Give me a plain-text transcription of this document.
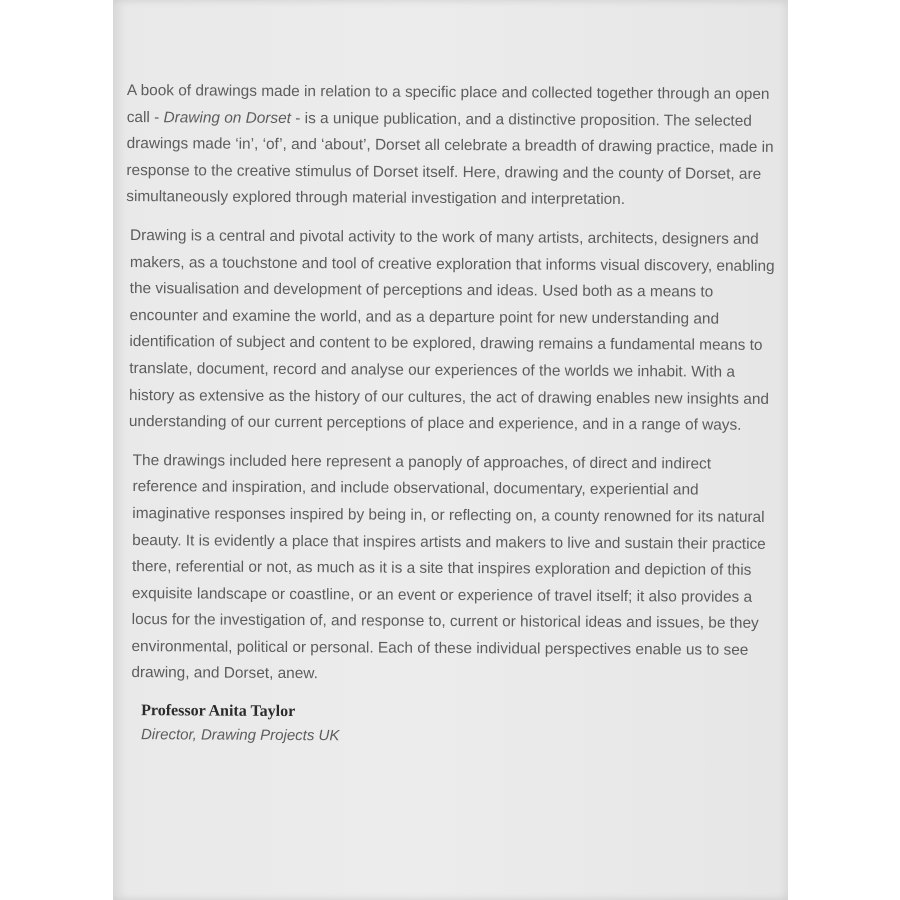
A book of drawings made in relation to a specific place and collected together through an open call - Drawing on Dorset - is a unique publication, and a distinctive proposition. The selected drawings made ‘in’, ‘of’, and ‘about’, Dorset all celebrate a breadth of drawing practice, made in response to the creative stimulus of Dorset itself. Here, drawing and the county of Dorset, are simultaneously explored through material investigation and interpretation.

Drawing is a central and pivotal activity to the work of many artists, architects, designers and makers, as a touchstone and tool of creative exploration that informs visual discovery, enabling the visualisation and development of perceptions and ideas. Used both as a means to encounter and examine the world, and as a departure point for new understanding and identification of subject and content to be explored, drawing remains a fundamental means to translate, document, record and analyse our experiences of the worlds we inhabit. With a history as extensive as the history of our cultures, the act of drawing enables new insights and understanding of our current perceptions of place and experience, and in a range of ways.

The drawings included here represent a panoply of approaches, of direct and indirect reference and inspiration, and include observational, documentary, experiential and imaginative responses inspired by being in, or reflecting on, a county renowned for its natural beauty. It is evidently a place that inspires artists and makers to live and sustain their practice there, referential or not, as much as it is a site that inspires exploration and depiction of this exquisite landscape or coastline, or an event or experience of travel itself; it also provides a locus for the investigation of, and response to, current or historical ideas and issues, be they environmental, political or personal. Each of these individual perspectives enable us to see drawing, and Dorset, anew.

Professor Anita Taylor
Director, Drawing Projects UK
